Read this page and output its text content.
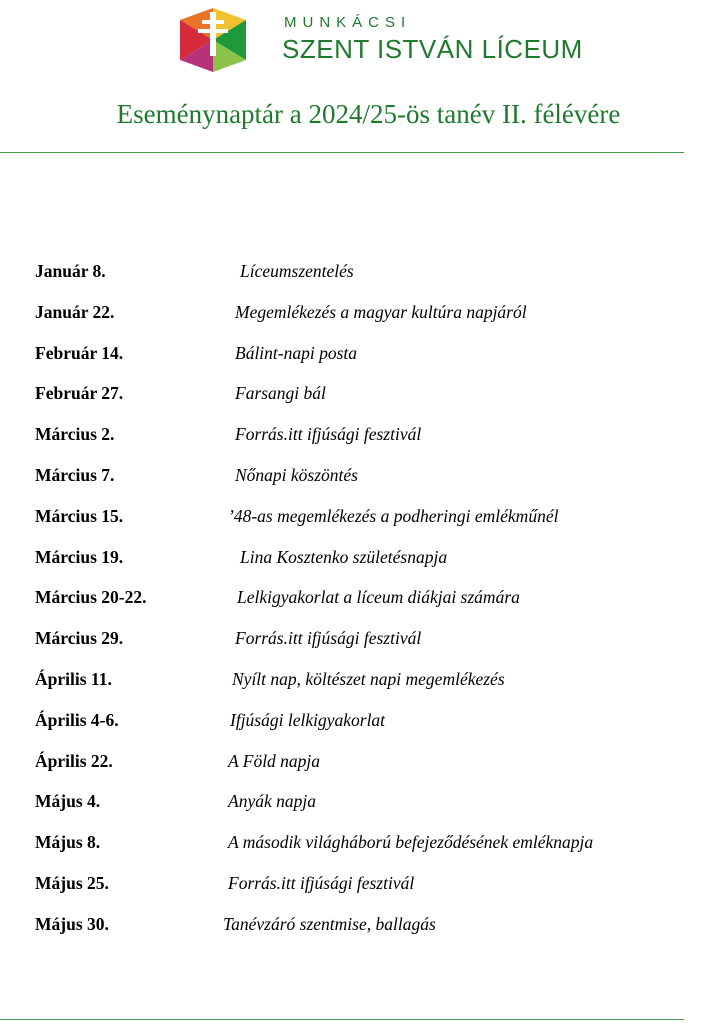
MUNKÁCSI
SZENT ISTVÁN LÍCEUM
Eseménynaptár a 2024/25-ös tanév II. félévére
Január 8.	Líceumszentelés
Január 22.	Megemlékezés a magyar kultúra napjáról
Február 14.	Bálint-napi posta
Február 27.	Farsangi bál
Március 2.	Forrás.itt ifjúsági fesztivál
Március 7.	Nőnapi köszöntés
Március 15.	’48-as megemlékezés a podheringi emlékműnél
Március 19.	Lina Kosztenko születésnapja
Március 20-22.	Lelkigyakorlat a líceum diákjai számára
Március 29.	Forrás.itt ifjúsági fesztivál
Április 11.	Nyílt nap, költészet napi megemlékezés
Április 4-6.	Ifjúsági lelkigyakorlat
Április 22.	A Föld napja
Május 4.	Anyák napja
Május 8.	A második világháború befejeződésének emléknapja
Május 25.	Forrás.itt ifjúsági fesztivál
Május 30.	Tanévzáró szentmise, ballagás
